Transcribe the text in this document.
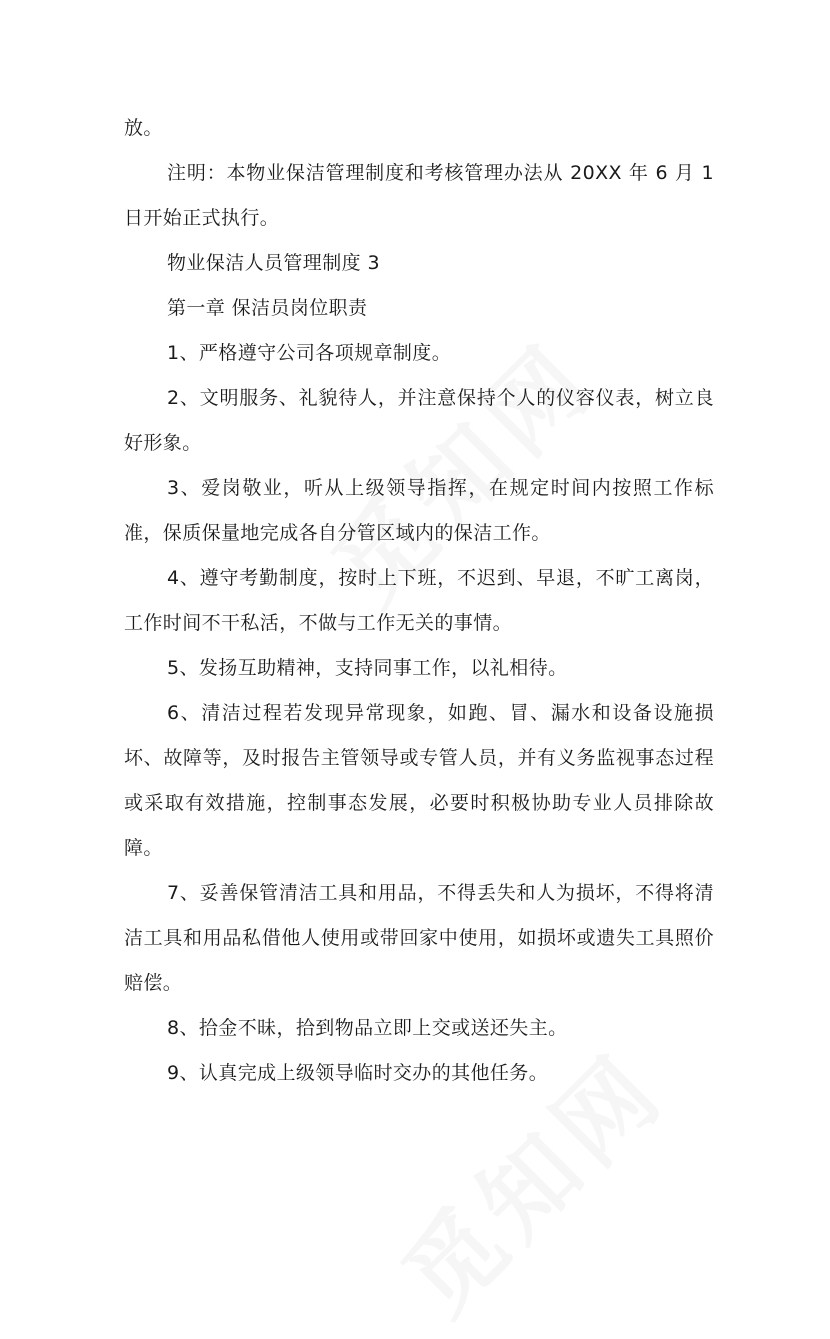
放。

注明：本物业保洁管理制度和考核管理办法从 20XX 年 6 月 1 日开始正式执行。

物业保洁人员管理制度 3

第一章 保洁员岗位职责

1、严格遵守公司各项规章制度。

2、文明服务、礼貌待人，并注意保持个人的仪容仪表，树立良好形象。

3、爱岗敬业，听从上级领导指挥，在规定时间内按照工作标准，保质保量地完成各自分管区域内的保洁工作。

4、遵守考勤制度，按时上下班，不迟到、早退，不旷工离岗，工作时间不干私活，不做与工作无关的事情。

5、发扬互助精神，支持同事工作，以礼相待。

6、清洁过程若发现异常现象，如跑、冒、漏水和设备设施损坏、故障等，及时报告主管领导或专管人员，并有义务监视事态过程或采取有效措施，控制事态发展，必要时积极协助专业人员排除故障。

7、妥善保管清洁工具和用品，不得丢失和人为损坏，不得将清洁工具和用品私借他人使用或带回家中使用，如损坏或遗失工具照价赔偿。

8、拾金不昧，拾到物品立即上交或送还失主。

9、认真完成上级领导临时交办的其他任务。
